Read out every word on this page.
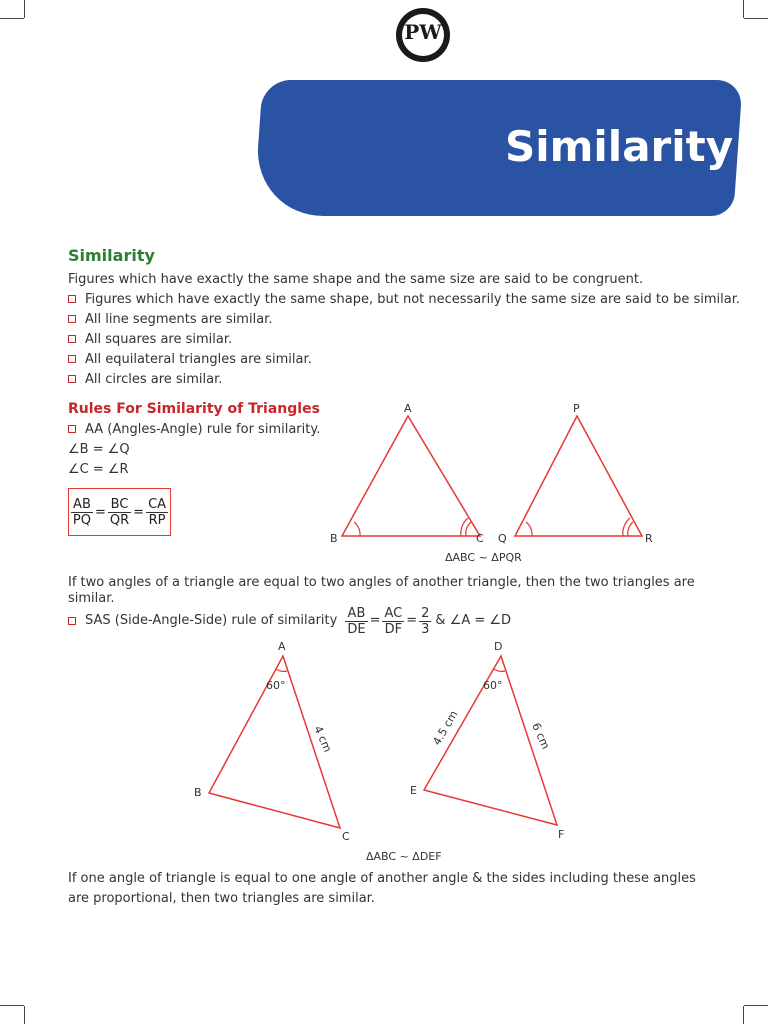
PW
Similarity
Similarity
Figures which have exactly the same shape and the same size are said to be congruent.
Figures which have exactly the same shape, but not necessarily the same size are said to be similar.
All line segments are similar.
All squares are similar.
All equilateral triangles are similar.
All circles are similar.
Rules For Similarity of Triangles
AA (Angles-Angle) rule for similarity.
∠B = ∠Q
∠C = ∠R
$\frac{AB}{PQ} = \frac{BC}{QR} = \frac{CA}{RP}$
A
B	C
P
Q	R
ΔABC ~ ΔPQR
If two angles of a triangle are equal to two angles of another triangle, then the two triangles are
similar.
SAS (Side-Angle-Side) rule of similarity $\frac{AB}{DE} = \frac{AC}{DF} = \frac{2}{3}$ & ∠A = ∠D
A
B
C
60°
4 cm
D
E
F
60°
4.5 cm	6 cm
ΔABC ~ ΔDEF
If one angle of triangle is equal to one angle of another angle & the sides including these angles
are proportional, then two triangles are similar.
